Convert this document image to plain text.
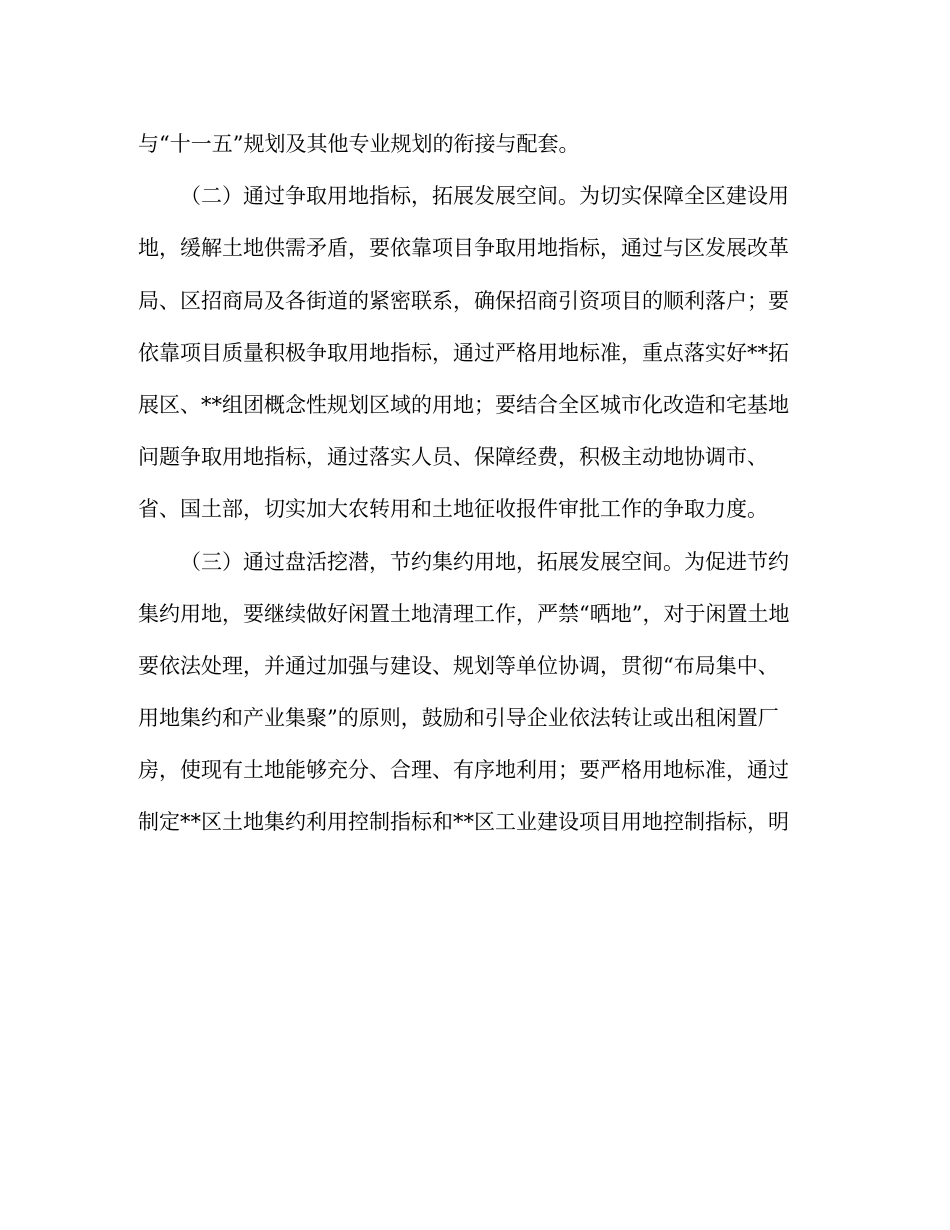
与“十一五”规划及其他专业规划的衔接与配套。
（二）通过争取用地指标，拓展发展空间。为切实保障全区建设用
地，缓解土地供需矛盾，要依靠项目争取用地指标，通过与区发展改革
局、区招商局及各街道的紧密联系，确保招商引资项目的顺利落户；要
依靠项目质量积极争取用地指标，通过严格用地标准，重点落实好**拓
展区、**组团概念性规划区域的用地；要结合全区城市化改造和宅基地
问题争取用地指标，通过落实人员、保障经费，积极主动地协调市、
省、国土部，切实加大农转用和土地征收报件审批工作的争取力度。
（三）通过盘活挖潜，节约集约用地，拓展发展空间。为促进节约
集约用地，要继续做好闲置土地清理工作，严禁“晒地”，对于闲置土地
要依法处理，并通过加强与建设、规划等单位协调，贯彻“布局集中、
用地集约和产业集聚”的原则，鼓励和引导企业依法转让或出租闲置厂
房，使现有土地能够充分、合理、有序地利用；要严格用地标准，通过
制定**区土地集约利用控制指标和**区工业建设项目用地控制指标，明
